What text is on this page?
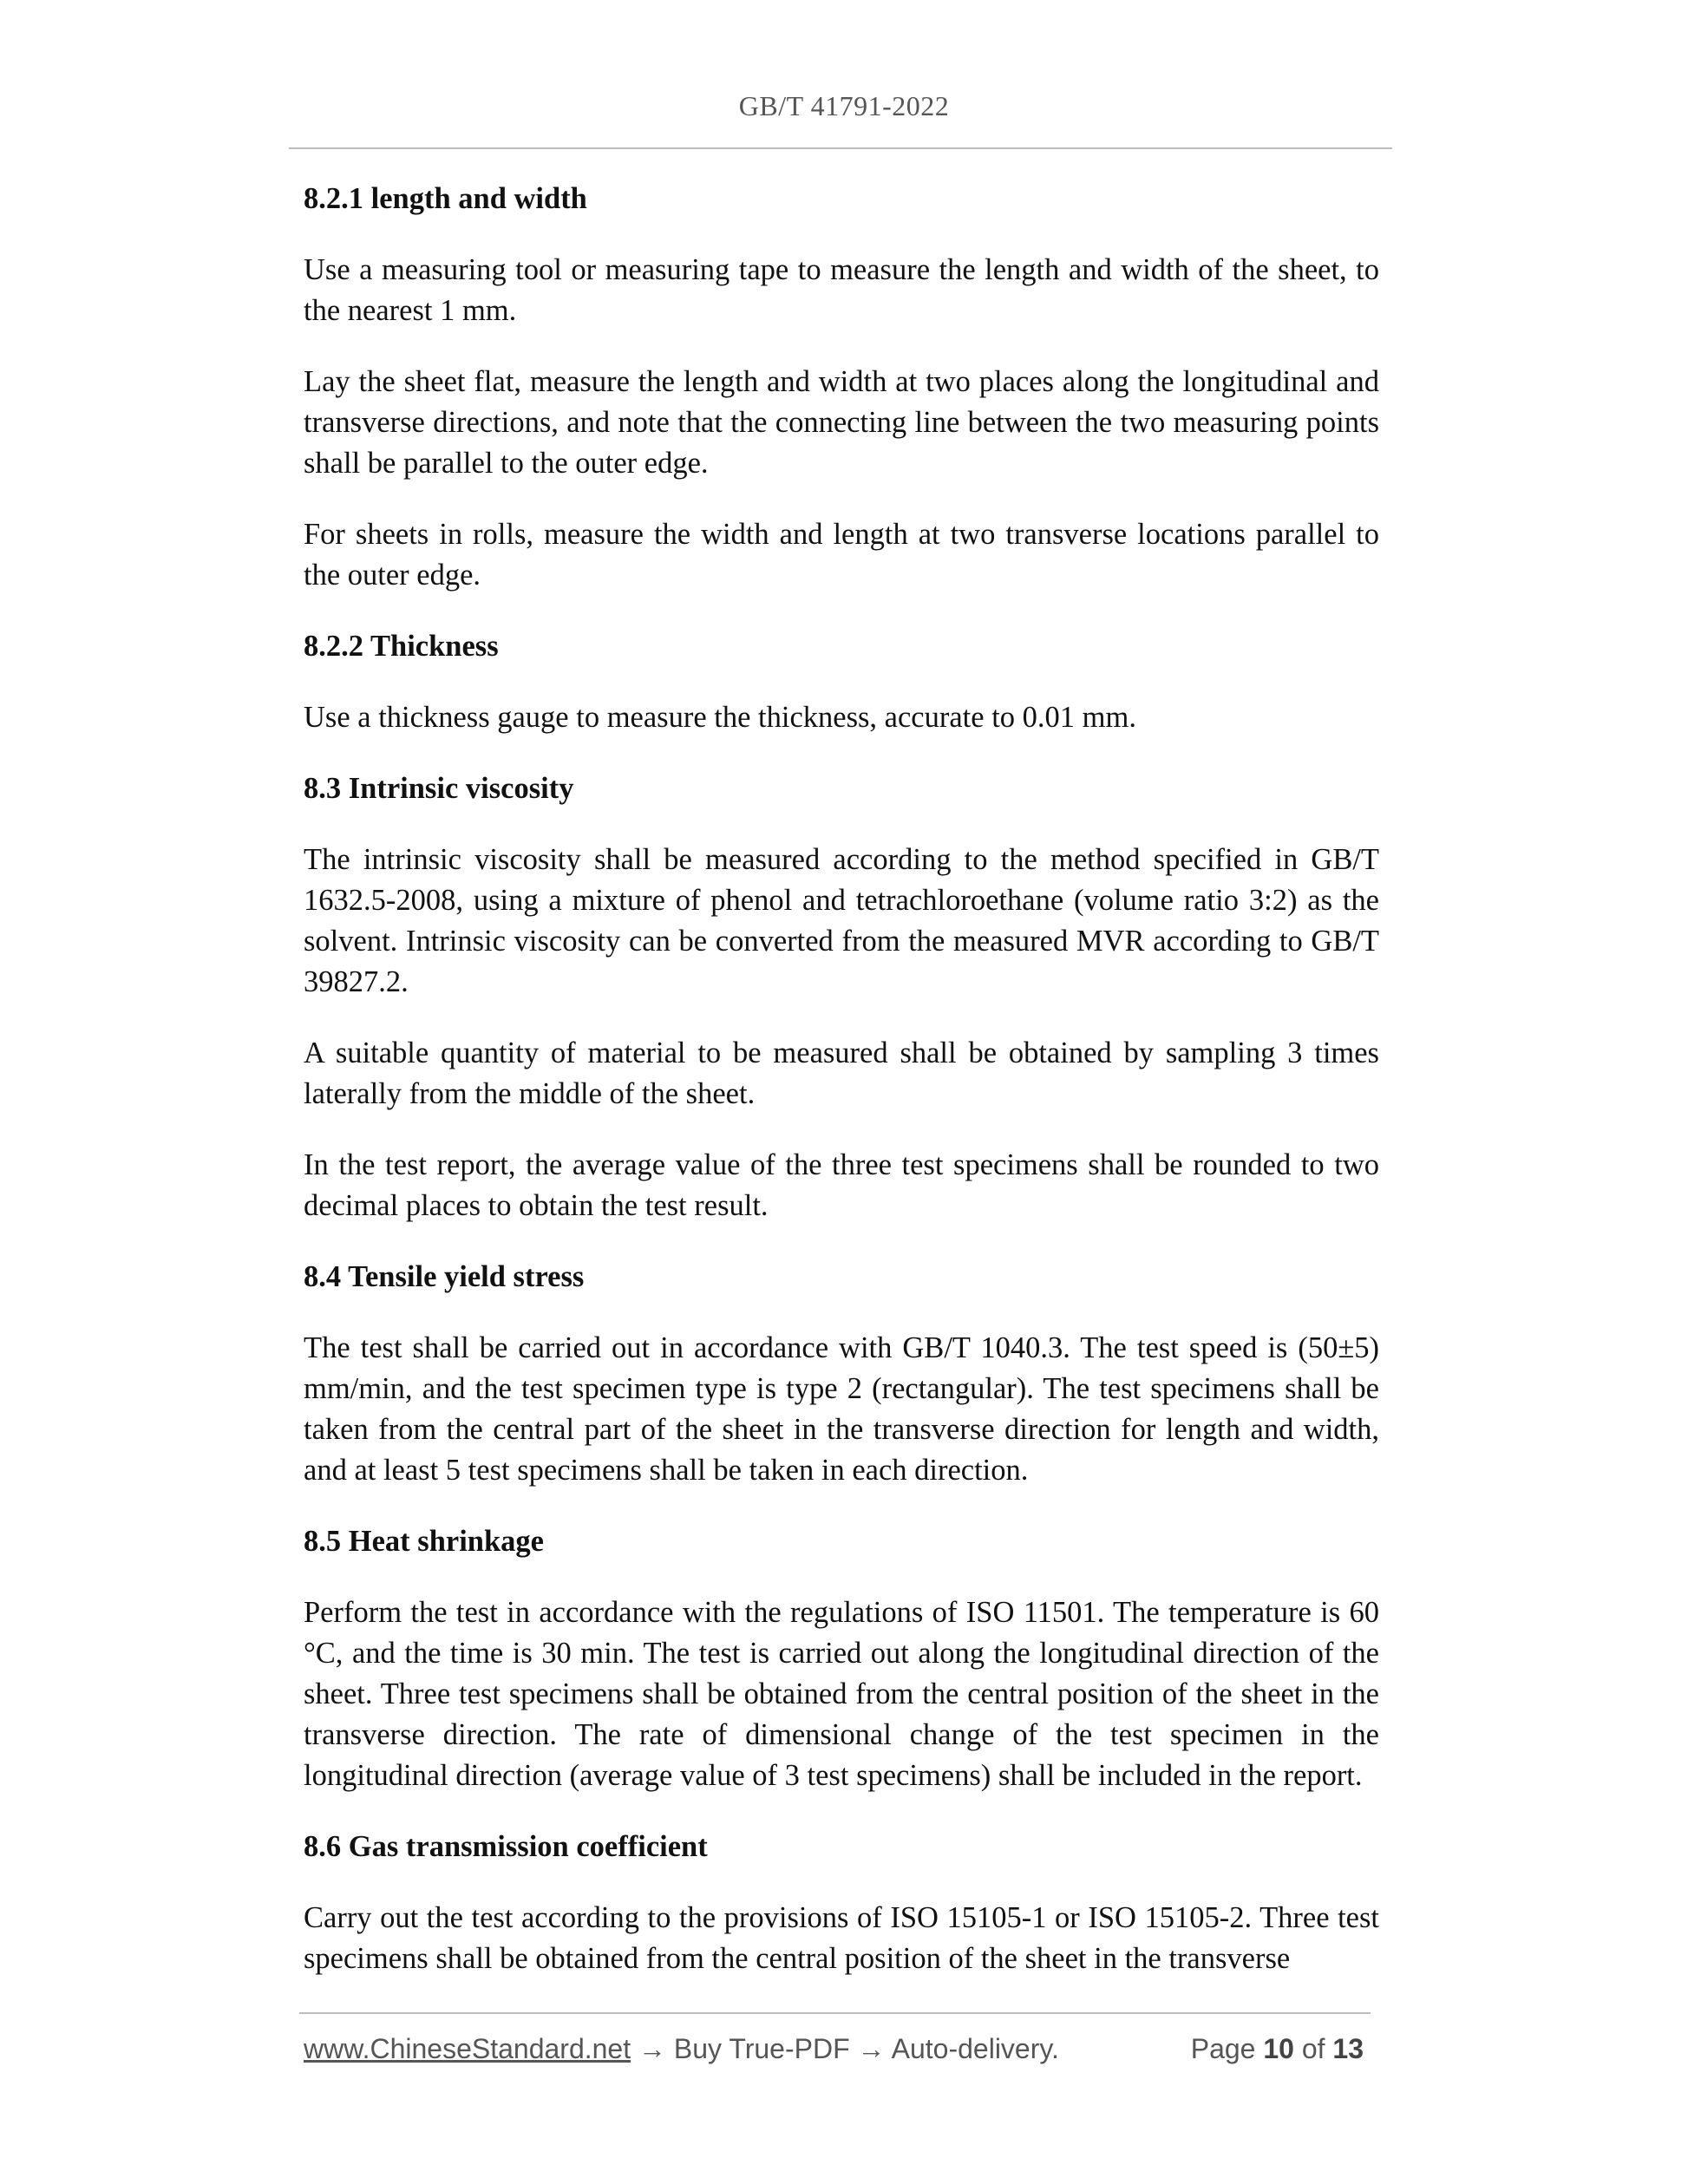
GB/T 41791-2022
8.2.1 length and width

Use a measuring tool or measuring tape to measure the length and width of the sheet, to the nearest 1 mm.

Lay the sheet flat, measure the length and width at two places along the longitudinal and transverse directions, and note that the connecting line between the two measuring points shall be parallel to the outer edge.

For sheets in rolls, measure the width and length at two transverse locations parallel to the outer edge.

8.2.2 Thickness

Use a thickness gauge to measure the thickness, accurate to 0.01 mm.

8.3 Intrinsic viscosity

The intrinsic viscosity shall be measured according to the method specified in GB/T 1632.5-2008, using a mixture of phenol and tetrachloroethane (volume ratio 3:2) as the solvent. Intrinsic viscosity can be converted from the measured MVR according to GB/T 39827.2.

A suitable quantity of material to be measured shall be obtained by sampling 3 times laterally from the middle of the sheet.

In the test report, the average value of the three test specimens shall be rounded to two decimal places to obtain the test result.

8.4 Tensile yield stress

The test shall be carried out in accordance with GB/T 1040.3. The test speed is (50±5) mm/min, and the test specimen type is type 2 (rectangular). The test specimens shall be taken from the central part of the sheet in the transverse direction for length and width, and at least 5 test specimens shall be taken in each direction.

8.5 Heat shrinkage

Perform the test in accordance with the regulations of ISO 11501. The temperature is 60 °C, and the time is 30 min. The test is carried out along the longitudinal direction of the sheet. Three test specimens shall be obtained from the central position of the sheet in the transverse direction. The rate of dimensional change of the test specimen in the longitudinal direction (average value of 3 test specimens) shall be included in the report.

8.6 Gas transmission coefficient

Carry out the test according to the provisions of ISO 15105-1 or ISO 15105-2. Three test specimens shall be obtained from the central position of the sheet in the transverse

www.ChineseStandard.net → Buy True-PDF → Auto-delivery.	Page 10 of 13
